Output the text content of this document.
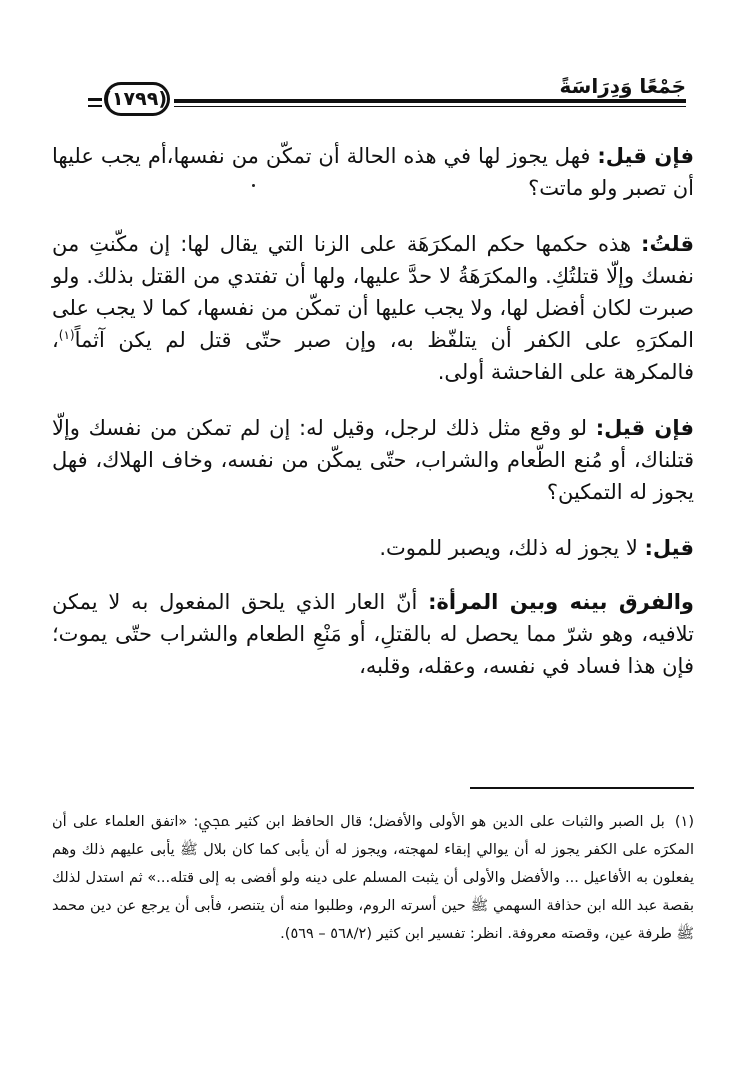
جَمْعًا وَدِرَاسَةً
(١٧٩٩)

فإن قيل: فهل يجوز لها في هذه الحالة أن تمكّن من نفسها،أم يجب عليها أن تصبر ولو ماتت؟

قلتُ: هذه حكمها حكم المكرَهَة على الزنا التي يقال لها: إن مكّنتِ من نفسك وإلّا قتلتُكِ. والمكرَهَةُ لا حدَّ عليها، ولها أن تفتدي من القتل بذلك. ولو صبرت لكان أفضل لها، ولا يجب عليها أن تمكّن من نفسها، كما لا يجب على المكرَهِ على الكفر أن يتلفّظ به، وإن صبر حتّى قتل لم يكن آثماً$^{(١)}$، فالمكرهة على الفاحشة أولى.

فإن قيل: لو وقع مثل ذلك لرجل، وقيل له: إن لم تمكن من نفسك وإلّا قتلناك، أو مُنع الطّعام والشراب، حتّى يمكّن من نفسه، وخاف الهلاك، فهل يجوز له التمكين؟

قيل: لا يجوز له ذلك، ويصبر للموت.

والفرق بينه وبين المرأة: أنّ العار الذي يلحق المفعول به لا يمكن تلافيه، وهو شرّ مما يحصل له بالقتلِ، أو مَنْعِ الطعام والشراب حتّى يموت؛ فإن هذا فساد في نفسه، وعقله، وقلبه،

(١)بل الصبر والثبات على الدين هو الأولى والأفضل؛ قال الحافظ ابن كثير ﷀ: «اتفق العلماء على أن المكرَه على الكفر يجوز له أن يوالي إبقاء لمهجته، ويجوز له أن يأبى كما كان بلال ﷺ يأبى عليهم ذلك وهم يفعلون به الأفاعيل ... والأفضل والأولى أن يثبت المسلم على دينه ولو أفضى به إلى قتله...» ثم استدل لذلك بقصة عبد الله ابن حذافة السهمي ﷺ حين أسرته الروم، وطلبوا منه أن يتنصر، فأبى أن يرجع عن دين محمد ﷺ طرفة عين، وقصته معروفة. انظر: تفسير ابن كثير (٥٦٨/٢ – ٥٦٩).
